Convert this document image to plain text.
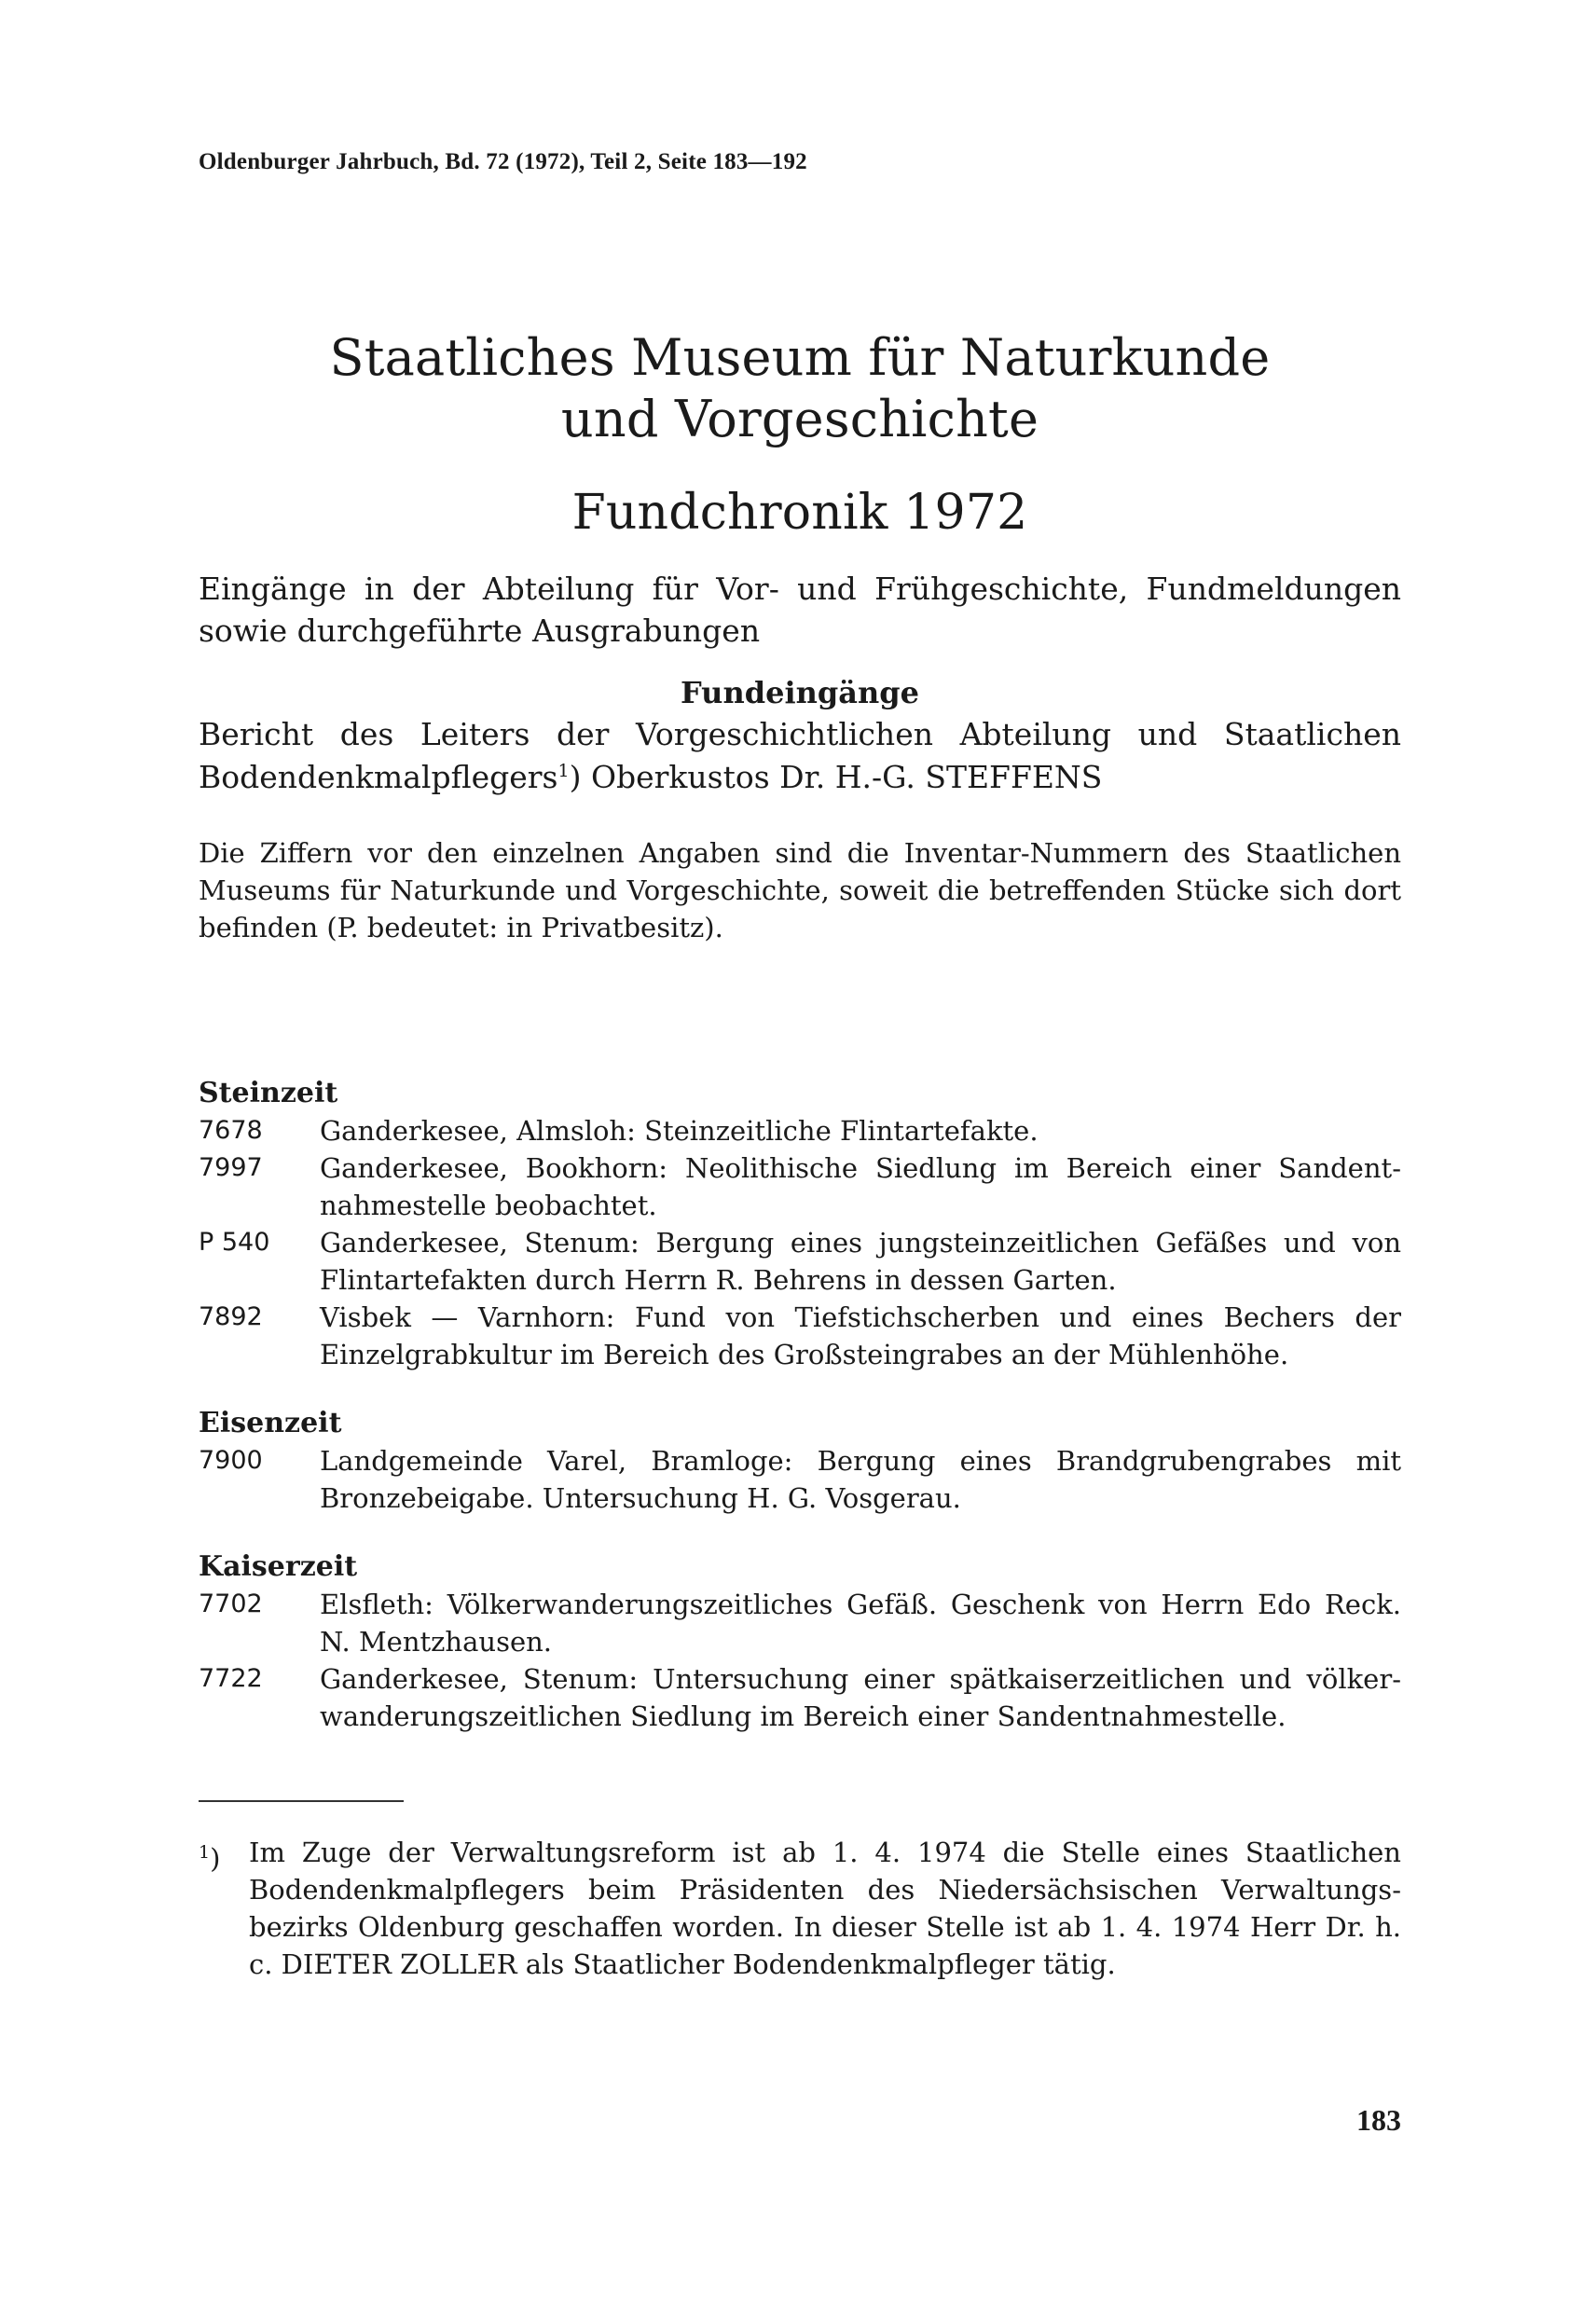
Oldenburger Jahrbuch, Bd. 72 (1972), Teil 2, Seite 183—192
Staatliches Museum für Naturkunde
und Vorgeschichte
Fundchronik 1972
Eingänge in der Abteilung für Vor- und Frühgeschichte, Fundmeldungen sowie durchgeführte Ausgrabungen
Fundeingänge
Bericht des Leiters der Vorgeschichtlichen Abteilung und Staatlichen Bodendenkmalpflegers$^1$) Oberkustos Dr. H.-G. STEFFENS
Die Ziffern vor den einzelnen Angaben sind die Inventar-Nummern des Staatlichen Museums für Naturkunde und Vorgeschichte, soweit die betreffenden Stücke sich dort befinden (P. bedeutet: in Privatbesitz).
Steinzeit
7678	Ganderkesee, Almsloh: Steinzeitliche Flintartefakte.
7997	Ganderkesee, Bookhorn: Neolithische Siedlung im Bereich einer Sandentnahmestelle beobachtet.
P 540	Ganderkesee, Stenum: Bergung eines jungsteinzeitlichen Gefäßes und von Flintartefakten durch Herrn R. Behrens in dessen Garten.
7892	Visbek — Varnhorn: Fund von Tiefstichscherben und eines Bechers der Einzelgrabkultur im Bereich des Großsteingrabes an der Mühlenhöhe.
Eisenzeit
7900	Landgemeinde Varel, Bramloge: Bergung eines Brandgrubengrabes mit Bronzebeigabe. Untersuchung H. G. Vosgerau.
Kaiserzeit
7702	Elsfleth: Völkerwanderungszeitliches Gefäß. Geschenk von Herrn Edo Reck. N. Mentzhausen.
7722	Ganderkesee, Stenum: Untersuchung einer spätkaiserzeitlichen und völkerwanderungszeitlichen Siedlung im Bereich einer Sandentnahmestelle.
$^1$)	Im Zuge der Verwaltungsreform ist ab 1. 4. 1974 die Stelle eines Staatlichen Bodendenkmalpflegers beim Präsidenten des Niedersächsischen Verwaltungsbezirks Oldenburg geschaffen worden. In dieser Stelle ist ab 1. 4. 1974 Herr Dr. h. c. DIETER ZOLLER als Staatlicher Bodendenkmalpfleger tätig.
183
